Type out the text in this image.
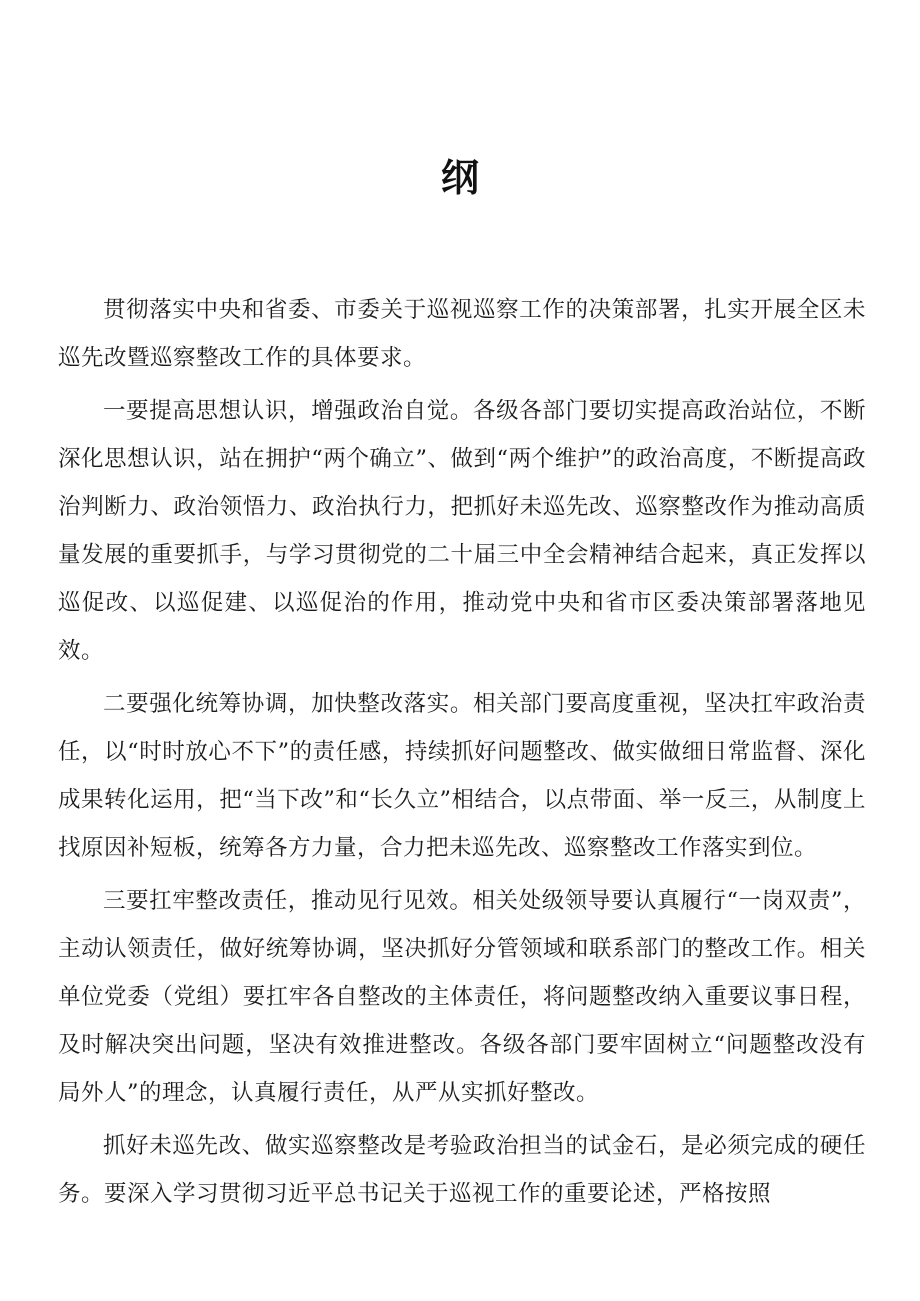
纲

贯彻落实中央和省委、市委关于巡视巡察工作的决策部署，扎实开展全区未巡先改暨巡察整改工作的具体要求。

一要提高思想认识，增强政治自觉。各级各部门要切实提高政治站位，不断深化思想认识，站在拥护“两个确立”、做到“两个维护”的政治高度，不断提高政治判断力、政治领悟力、政治执行力，把抓好未巡先改、巡察整改作为推动高质量发展的重要抓手，与学习贯彻党的二十届三中全会精神结合起来，真正发挥以巡促改、以巡促建、以巡促治的作用，推动党中央和省市区委决策部署落地见效。

二要强化统筹协调，加快整改落实。相关部门要高度重视，坚决扛牢政治责任，以“时时放心不下”的责任感，持续抓好问题整改、做实做细日常监督、深化成果转化运用，把“当下改”和“长久立”相结合，以点带面、举一反三，从制度上找原因补短板，统筹各方力量，合力把未巡先改、巡察整改工作落实到位。

三要扛牢整改责任，推动见行见效。相关处级领导要认真履行“一岗双责”，主动认领责任，做好统筹协调，坚决抓好分管领域和联系部门的整改工作。相关单位党委（党组）要扛牢各自整改的主体责任，将问题整改纳入重要议事日程，及时解决突出问题，坚决有效推进整改。各级各部门要牢固树立“问题整改没有局外人”的理念，认真履行责任，从严从实抓好整改。

抓好未巡先改、做实巡察整改是考验政治担当的试金石，是必须完成的硬任务。要深入学习贯彻习近平总书记关于巡视工作的重要论述，严格按照
